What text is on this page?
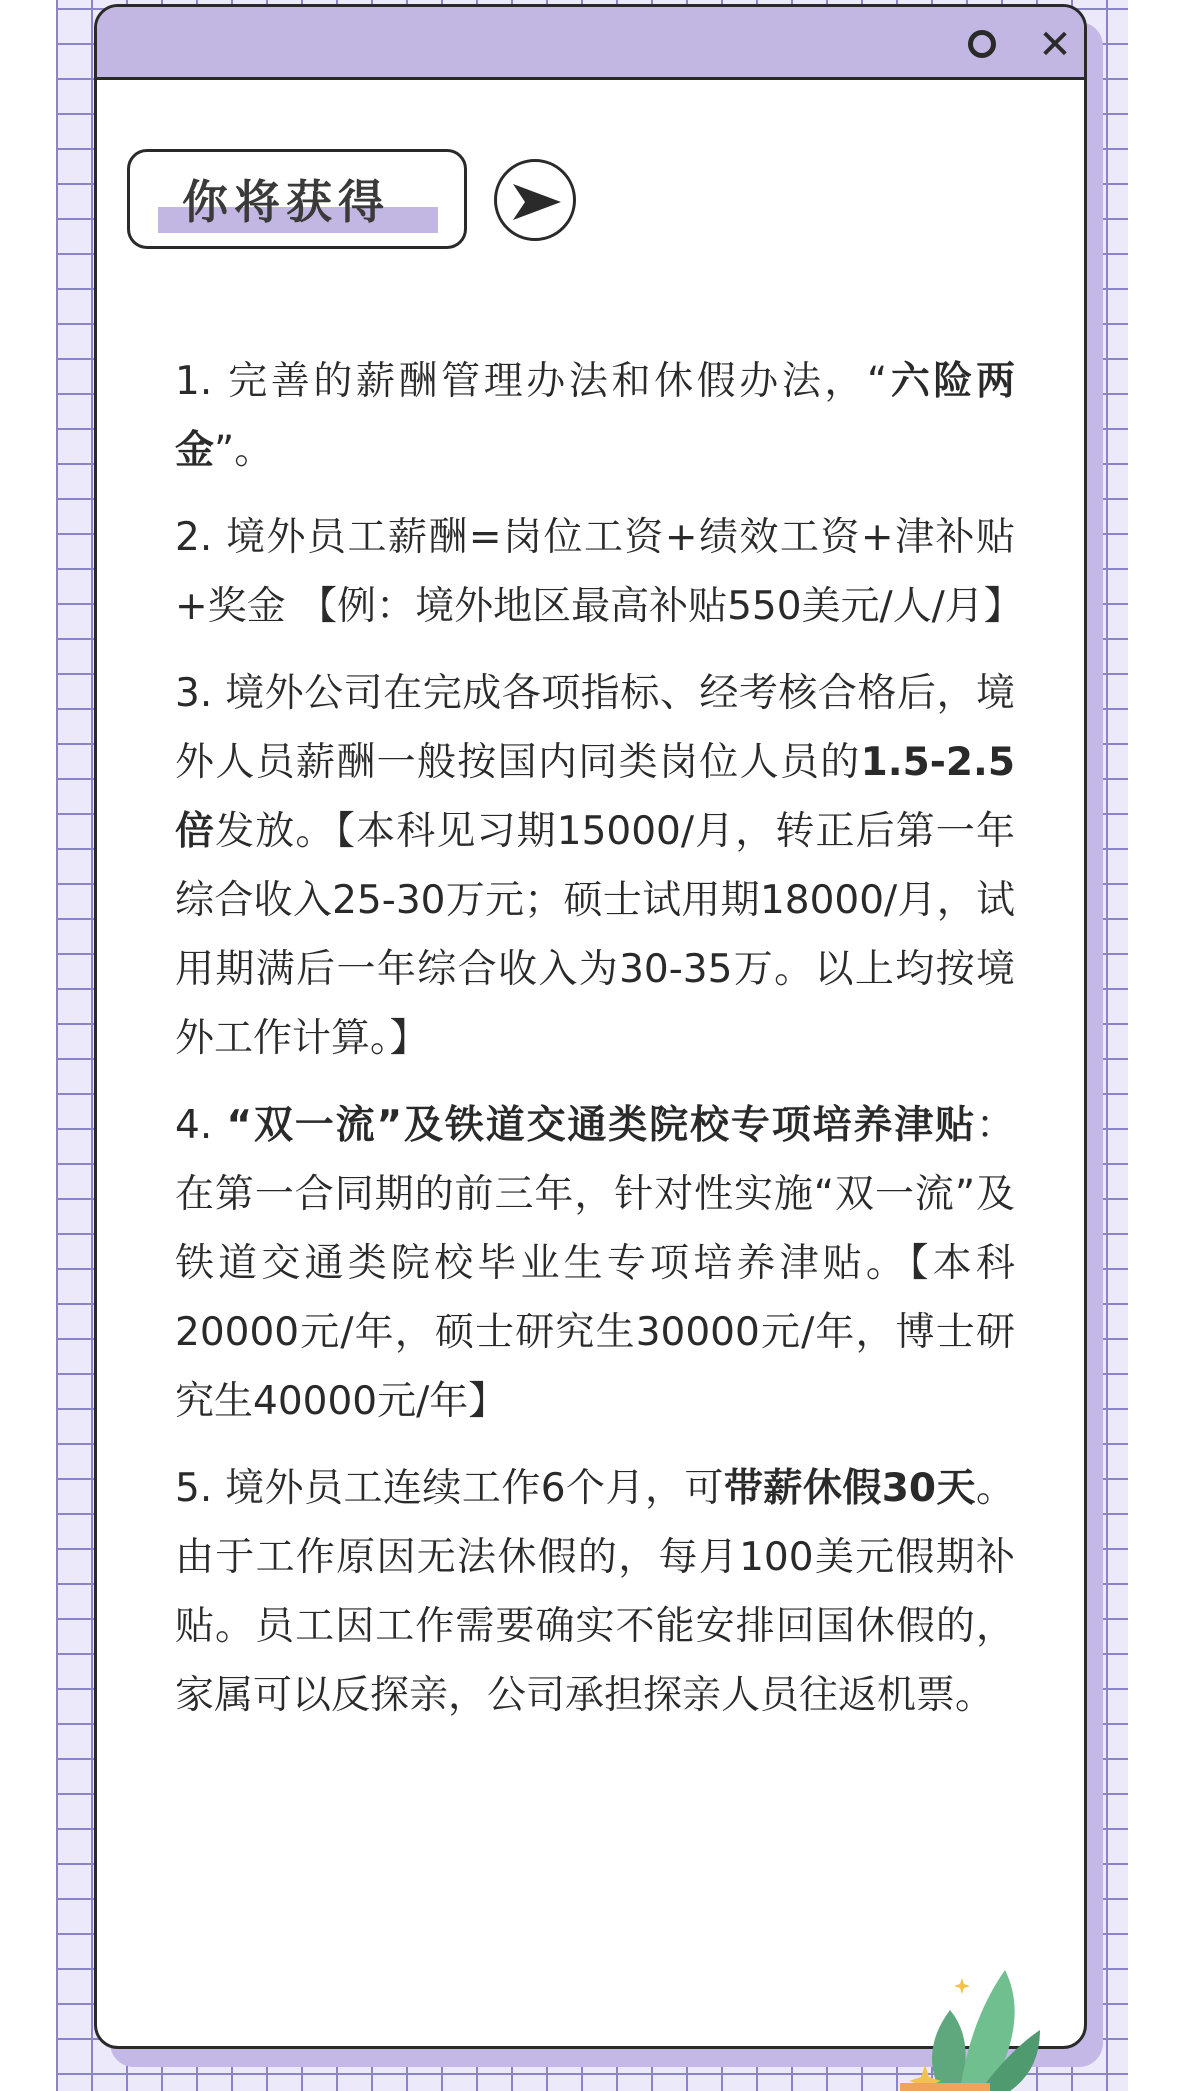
✕
你将获得

1. 完善的薪酬管理办法和休假办法，“六险两金”。

2. 境外员工薪酬=岗位工资+绩效工资+津补贴+奖金 【例：境外地区最高补贴550美元/人/月】

3. 境外公司在完成各项指标、经考核合格后，境外人员薪酬一般按国内同类岗位人员的1.5-2.5倍发放。【本科见习期15000/月，转正后第一年综合收入25-30万元；硕士试用期18000/月，试用期满后一年综合收入为30-35万。以上均按境外工作计算。】

4. “双一流”及铁道交通类院校专项培养津贴：在第一合同期的前三年，针对性实施“双一流”及铁道交通类院校毕业生专项培养津贴。【本科20000元/年，硕士研究生30000元/年，博士研究生40000元/年】

5. 境外员工连续工作6个月，可带薪休假30天。由于工作原因无法休假的，每月100美元假期补贴。员工因工作需要确实不能安排回国休假的，家属可以反探亲，公司承担探亲人员往返机票。
